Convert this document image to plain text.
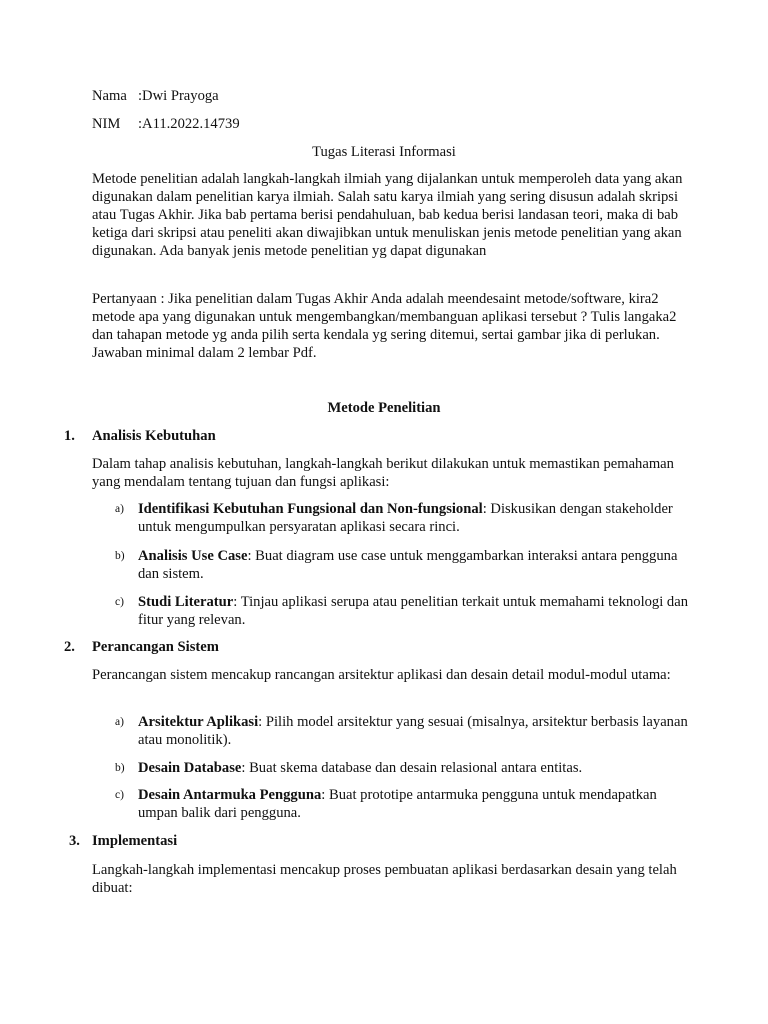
Nama :Dwi Prayoga
NIM :A11.2022.14739
Tugas Literasi Informasi
Metode penelitian adalah langkah-langkah ilmiah yang dijalankan untuk memperoleh data yang akan digunakan dalam penelitian karya ilmiah. Salah satu karya ilmiah yang sering disusun adalah skripsi atau Tugas Akhir. Jika bab pertama berisi pendahuluan, bab kedua berisi landasan teori, maka di bab ketiga dari skripsi atau peneliti akan diwajibkan untuk menuliskan jenis metode penelitian yang akan digunakan. Ada banyak jenis metode penelitian yg dapat digunakan
Pertanyaan : Jika penelitian dalam Tugas Akhir Anda adalah meendesaint metode/software, kira2 metode apa yang digunakan untuk mengembangkan/membanguan aplikasi tersebut ? Tulis langaka2 dan tahapan metode yg anda pilih serta kendala yg sering ditemui, sertai gambar jika di perlukan. Jawaban minimal dalam 2 lembar Pdf.
Metode Penelitian
1. Analisis Kebutuhan
Dalam tahap analisis kebutuhan, langkah-langkah berikut dilakukan untuk memastikan pemahaman yang mendalam tentang tujuan dan fungsi aplikasi:
a) Identifikasi Kebutuhan Fungsional dan Non-fungsional: Diskusikan dengan stakeholder untuk mengumpulkan persyaratan aplikasi secara rinci.
b) Analisis Use Case: Buat diagram use case untuk menggambarkan interaksi antara pengguna dan sistem.
c) Studi Literatur: Tinjau aplikasi serupa atau penelitian terkait untuk memahami teknologi dan fitur yang relevan.
2. Perancangan Sistem
Perancangan sistem mencakup rancangan arsitektur aplikasi dan desain detail modul-modul utama:
a) Arsitektur Aplikasi: Pilih model arsitektur yang sesuai (misalnya, arsitektur berbasis layanan atau monolitik).
b) Desain Database: Buat skema database dan desain relasional antara entitas.
c) Desain Antarmuka Pengguna: Buat prototipe antarmuka pengguna untuk mendapatkan umpan balik dari pengguna.
3. Implementasi
Langkah-langkah implementasi mencakup proses pembuatan aplikasi berdasarkan desain yang telah dibuat:
